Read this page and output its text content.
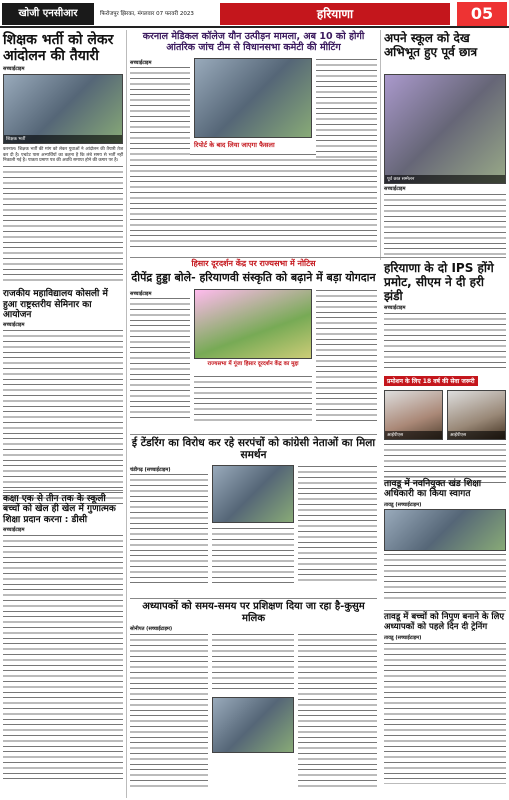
खोजी एनसीआर	फिरोजपुर झिरका, मंगलवार 07 फरवरी 2023	हरियाणा	05
शिक्षक भर्ती को लेकर आंदोलन की तैयारी
सच्चाईटाइम
शिक्षक भर्ती
करनाल। शिक्षक भर्ती की मांग को लेकर युवाओं ने आंदोलन की तैयारी तेज कर दी है। एचटेट पास अभ्यर्थियों का कहना है कि लंबे समय से भर्ती नहीं निकाली गई है। पात्रता प्रमाण पत्र की अवधि समाप्त होने की कगार पर है।
राजकीय महाविद्यालय कोसली में हुआ राष्ट्रस्तरीय सेमिनार का आयोजन
सच्चाईटाइम
कक्षा एक से तीन तक के स्कूली बच्चों को खेल ही खेल में गुणात्मक शिक्षा प्रदान करना : डीसी
सच्चाईटाइम
करनाल मेडिकल कॉलेज यौन उत्पीड़न मामला, अब 10 को होगी आंतरिक जांच टीम से विधानसभा कमेटी की मीटिंग
सच्चाईटाइम
रिपोर्ट के बाद लिया जाएगा फैसला
हिसार दूरदर्शन केंद्र पर राज्यसभा में नोटिस
दीपेंद्र हुड्डा बोले- हरियाणवी संस्कृति को बढ़ाने में बड़ा योगदान
सच्चाईटाइम
राज्यसभा में गूंजा हिसार दूरदर्शन केंद्र का मुद्दा
ई टेंडरिंग का विरोध कर रहे सरपंचों को कांग्रेसी नेताओं का मिला समर्थन
चंडीगढ़ (सच्चाईटाइम)
अध्यापकों को समय-समय पर प्रशिक्षण दिया जा रहा है-कुसुम मलिक
सोनीपत (सच्चाईटाइम)
अपने स्कूल को देख अभिभूत हुए पूर्व छात्र
पूर्व छात्र सम्मेलन
सच्चाईटाइम
हरियाणा के दो IPS होंगे प्रमोट, सीएम ने दी हरी झंडी
सच्चाईटाइम
प्रमोशन के लिए 18 वर्ष की सेवा जरूरी
आईपीएस	आईपीएस
तावडू में नवनियुक्त खंड शिक्षा अधिकारी का किया स्वागत
तावडू (सच्चाईटाइम)
तावडू में बच्चों को निपुण बनाने के लिए अध्यापकों को पहले दिन दी ट्रेनिंग
तावडू (सच्चाईटाइम)
